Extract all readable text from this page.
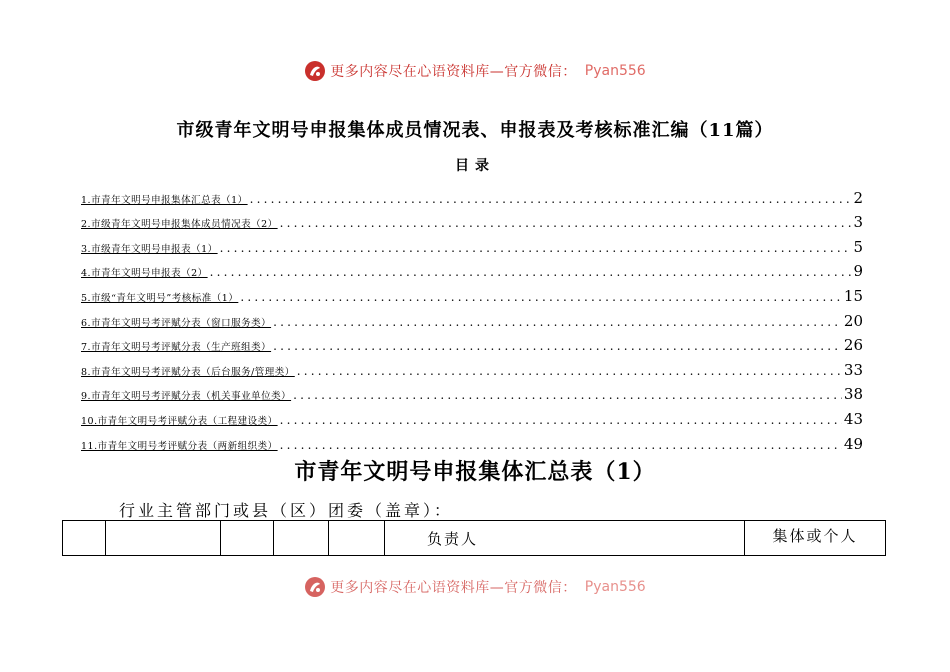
更多内容尽在心语资料库—官方微信： Pyan556
市级青年文明号申报集体成员情况表、申报表及考核标准汇编（11篇）
目录
1.市青年文明号申报集体汇总表（1） .....	2
2.市级青年文明号申报集体成员情况表（2） .....	3
3.市级青年文明号申报表（1） .....	5
4.市青年文明号申报表（2） .....	9
5.市级“青年文明号”考核标准（1） .....	15
6.市青年文明号考评赋分表（窗口服务类） .....	20
7.市青年文明号考评赋分表（生产班组类） .....	26
8.市青年文明号考评赋分表（后台服务/管理类） .....	33
9.市青年文明号考评赋分表（机关事业单位类） .....	38
10.市青年文明号考评赋分表（工程建设类） .....	43
11.市青年文明号考评赋分表（两新组织类） .....	49
市青年文明号申报集体汇总表（1）
行业主管部门或县（区）团委（盖章）：
					负责人	集体或个人
更多内容尽在心语资料库—官方微信： Pyan556
